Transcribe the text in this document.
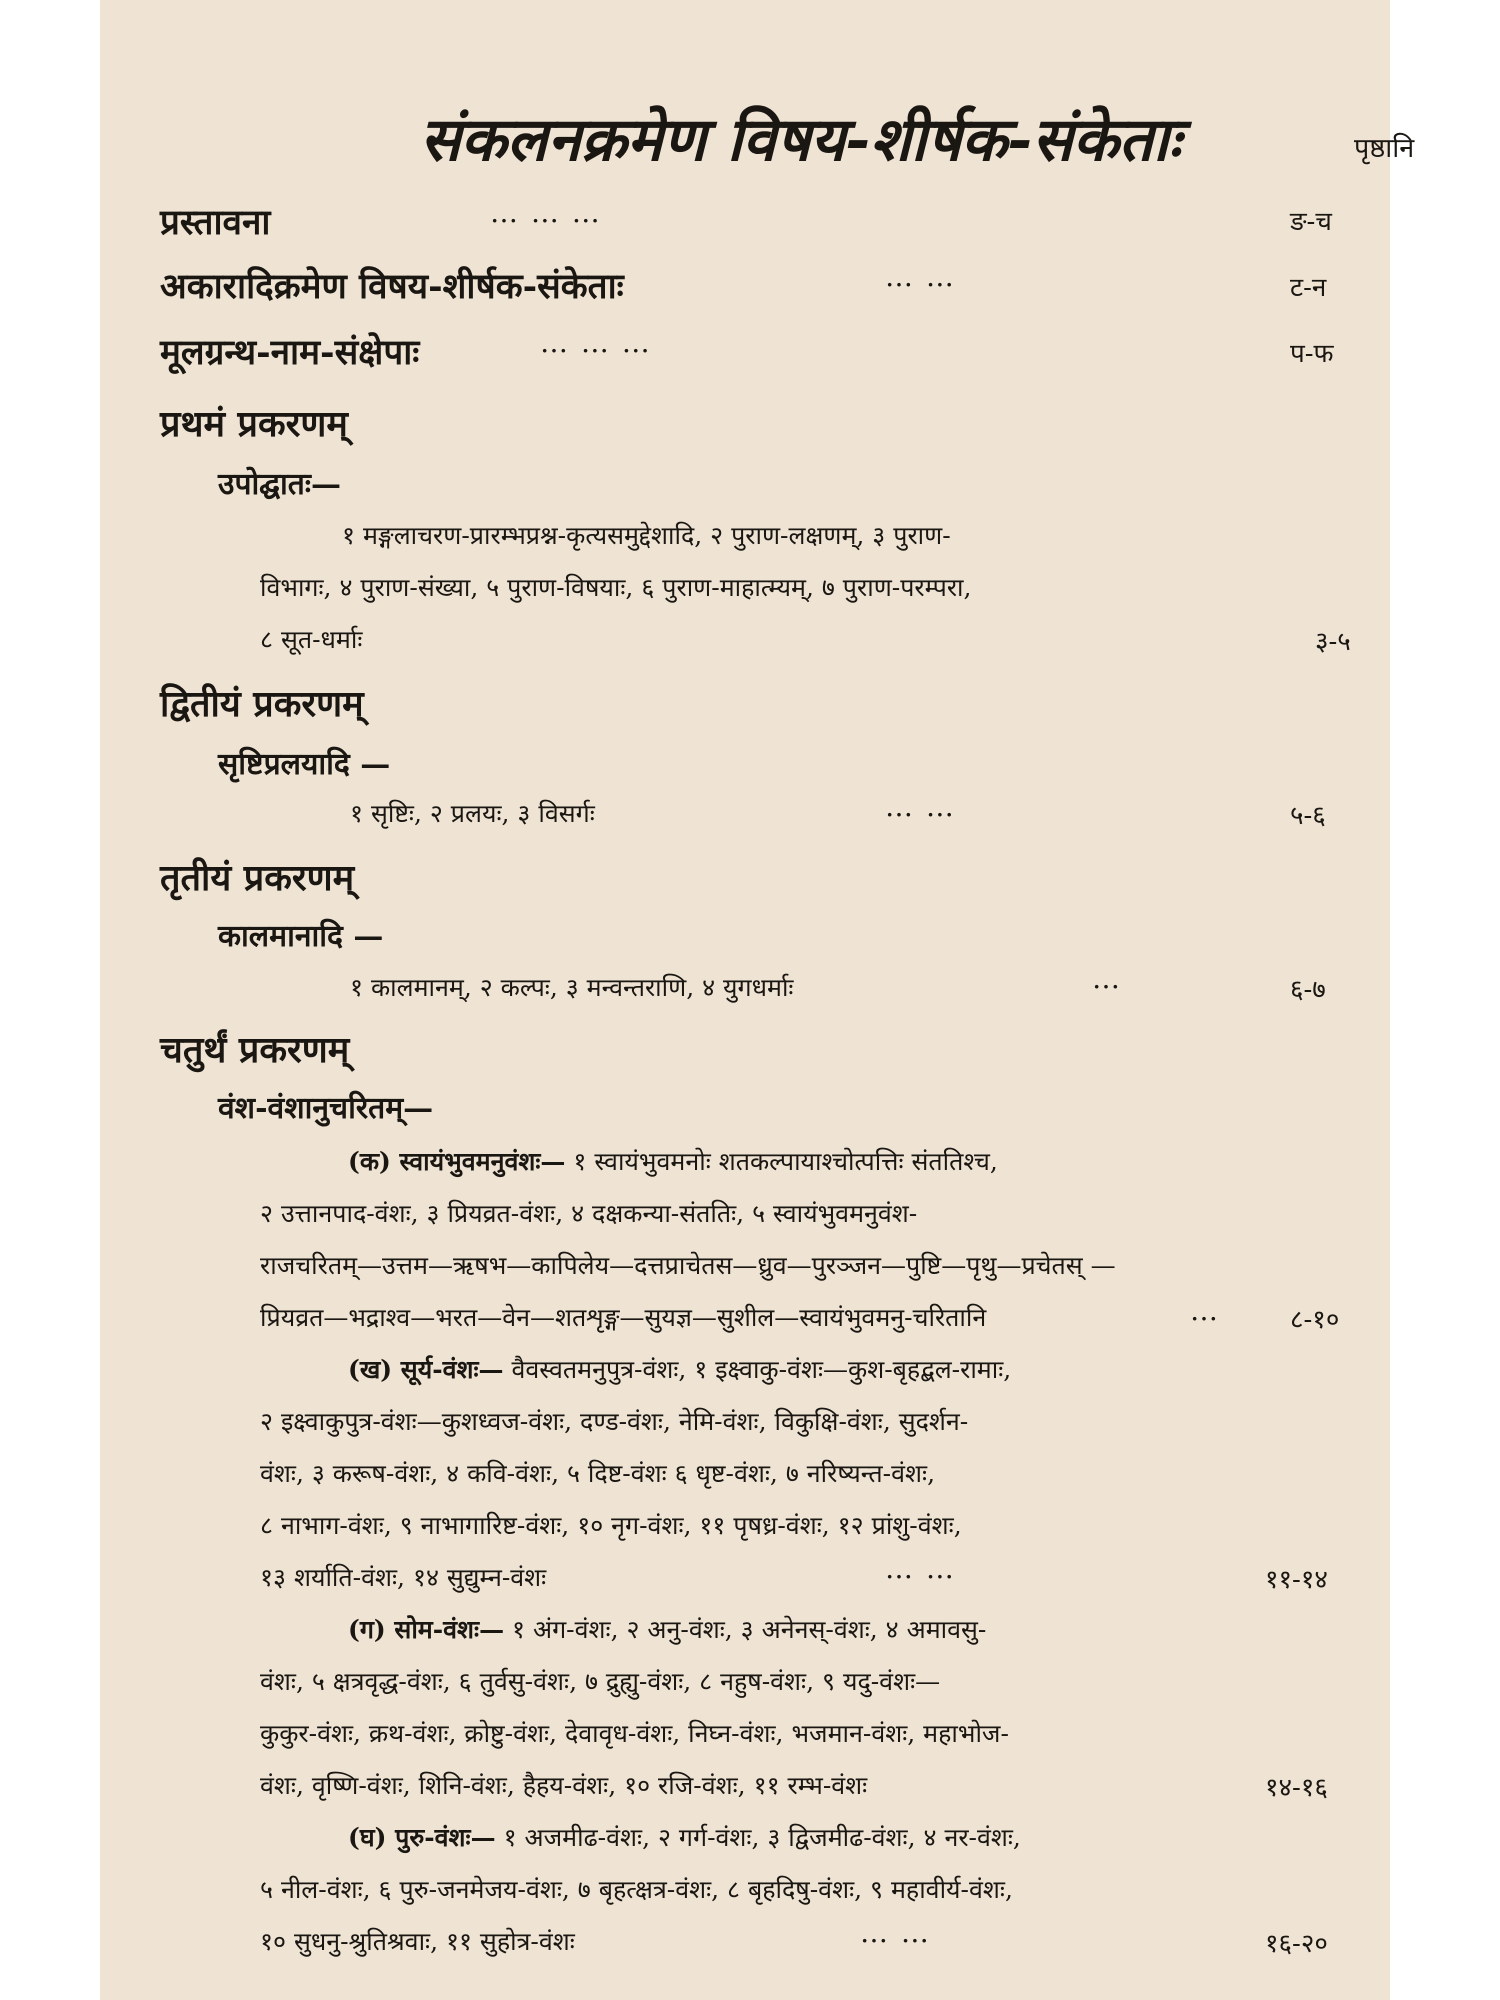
संकलनक्रमेण विषय-शीर्षक-संकेताः	पृष्ठानि
प्रस्तावना	… … …	ङ-च
अकारादिक्रमेण विषय-शीर्षक-संकेताः	… …	ट-न
मूलग्रन्थ-नाम-संक्षेपाः	… … …	प-फ
प्रथमं प्रकरणम्
उपोद्घातः—
१ मङ्गलाचरण-प्रारम्भप्रश्न-कृत्यसमुद्देशादि, २ पुराण-लक्षणम्, ३ पुराण-
विभागः, ४ पुराण-संख्या, ५ पुराण-विषयाः, ६ पुराण-माहात्म्यम्, ७ पुराण-परम्परा,
८ सूत-धर्माः	३-५
द्वितीयं प्रकरणम्
सृष्टिप्रलयादि —
१ सृष्टिः, २ प्रलयः, ३ विसर्गः	… …	५-६
तृतीयं प्रकरणम्
कालमानादि —
१ कालमानम्, २ कल्पः, ३ मन्वन्तराणि, ४ युगधर्माः	…	६-७
चतुर्थं प्रकरणम्
वंश-वंशानुचरितम्—
(क) स्वायंभुवमनुवंशः— १ स्वायंभुवमनोः शतकल्पायाश्चोत्पत्तिः संततिश्च,
२ उत्तानपाद-वंशः, ३ प्रियव्रत-वंशः, ४ दक्षकन्या-संततिः, ५ स्वायंभुवमनुवंश-
राजचरितम्—उत्तम—ऋषभ—कापिलेय—दत्तप्राचेतस—ध्रुव—पुरञ्जन—पुष्टि—पृथु—प्रचेतस् —
प्रियव्रत—भद्राश्व—भरत—वेन—शतशृङ्ग—सुयज्ञ—सुशील—स्वायंभुवमनु-चरितानि	…	८-१०
(ख) सूर्य-वंशः— वैवस्वतमनुपुत्र-वंशः, १ इक्ष्वाकु-वंशः—कुश-बृहद्बल-रामाः,
२ इक्ष्वाकुपुत्र-वंशः—कुशध्वज-वंशः, दण्ड-वंशः, नेमि-वंशः, विकुक्षि-वंशः, सुदर्शन-
वंशः, ३ करूष-वंशः, ४ कवि-वंशः, ५ दिष्ट-वंशः ६ धृष्ट-वंशः, ७ नरिष्यन्त-वंशः,
८ नाभाग-वंशः, ९ नाभागारिष्ट-वंशः, १० नृग-वंशः, ११ पृषध्र-वंशः, १२ प्रांशु-वंशः,
१३ शर्याति-वंशः, १४ सुद्युम्न-वंशः	… …	११-१४
(ग) सोम-वंशः— १ अंग-वंशः, २ अनु-वंशः, ३ अनेनस्-वंशः, ४ अमावसु-
वंशः, ५ क्षत्रवृद्ध-वंशः, ६ तुर्वसु-वंशः, ७ द्रुह्यु-वंशः, ८ नहुष-वंशः, ९ यदु-वंशः—
कुकुर-वंशः, क्रथ-वंशः, क्रोष्टु-वंशः, देवावृध-वंशः, निघ्न-वंशः, भजमान-वंशः, महाभोज-
वंशः, वृष्णि-वंशः, शिनि-वंशः, हैहय-वंशः, १० रजि-वंशः, ११ रम्भ-वंशः	१४-१६
(घ) पुरु-वंशः— १ अजमीढ-वंशः, २ गर्ग-वंशः, ३ द्विजमीढ-वंशः, ४ नर-वंशः,
५ नील-वंशः, ६ पुरु-जनमेजय-वंशः, ७ बृहत्क्षत्र-वंशः, ८ बृहदिषु-वंशः, ९ महावीर्य-वंशः,
१० सुधनु-श्रुतिश्रवाः, ११ सुहोत्र-वंशः	… …	१६-२०
